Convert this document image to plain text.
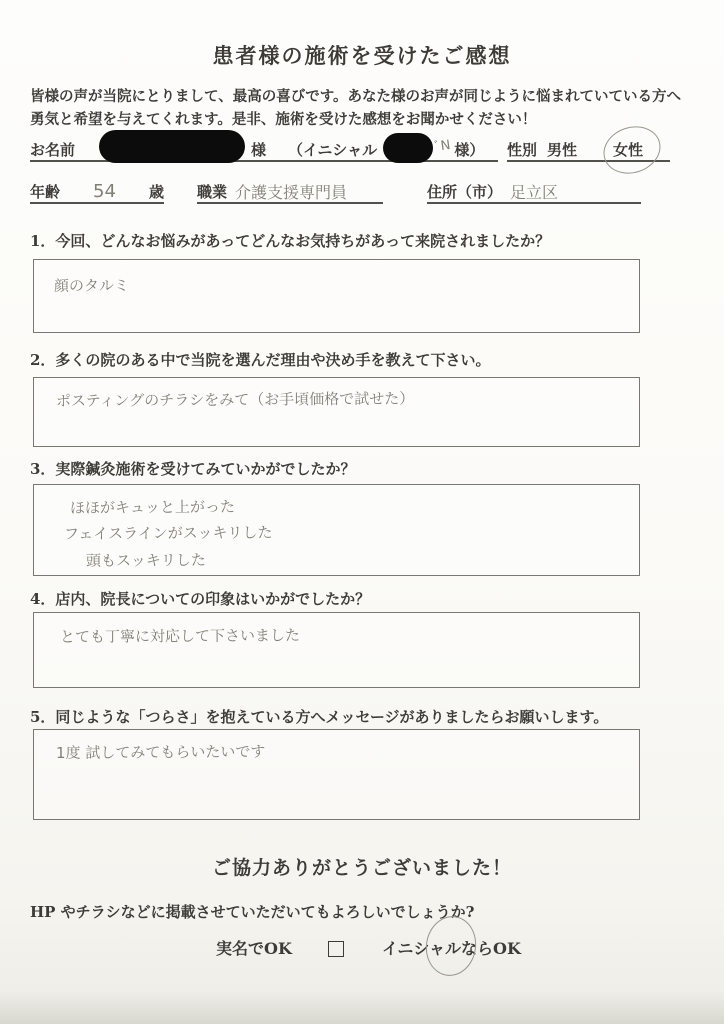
患者様の施術を受けたご感想
皆様の声が当院にとりまして、最高の喜びです。あなた様のお声が同じように悩まれていている方へ
勇気と希望を与えてくれます。是非、施術を受けた感想をお聞かせください！
お名前	様 （イニシャル	ﾞN 様） 性別 男性 女性
年齢 54 歳 職業 介護支援専門員	住所（市） 足立区
1．今回、どんなお悩みがあってどんなお気持ちがあって来院されましたか？
顔のタルミ
2．多くの院のある中で当院を選んだ理由や決め手を教えて下さい。
ポスティングのチラシをみて（お手頃価格で試せた）
3．実際鍼灸施術を受けてみていかがでしたか？
ほほがキュッと上がった
フェイスラインがスッキリした
頭もスッキリした
4．店内、院長についての印象はいかがでしたか？
とても丁寧に対応して下さいました
5．同じような「つらさ」を抱えている方へメッセージがありましたらお願いします。
1度 試してみてもらいたいです
ご協力ありがとうございました！
HP やチラシなどに掲載させていただいてもよろしいでしょうか?
実名でOK	イニシャルならOK
